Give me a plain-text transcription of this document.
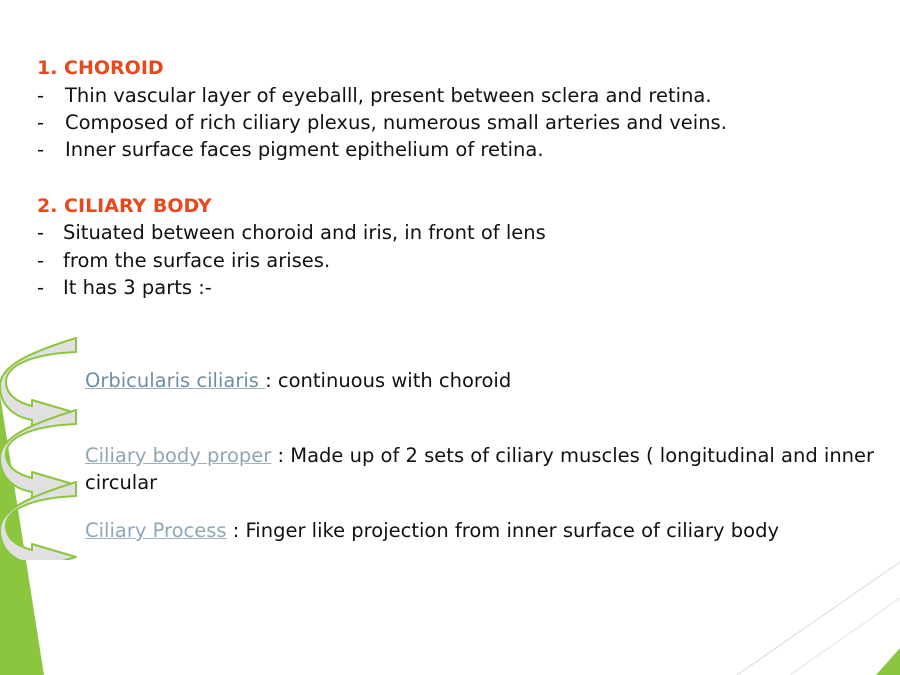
1. CHOROID
- Thin vascular layer of eyeballl, present between sclera and retina.
- Composed of rich ciliary plexus, numerous small arteries and veins.
- Inner surface faces pigment epithelium of retina.
2. CILIARY BODY
- Situated between choroid and iris, in front of lens
- from the surface iris arises.
- It has 3 parts :-
Orbicularis ciliaris : continuous with choroid
Ciliary body proper : Made up of 2 sets of ciliary muscles ( longitudinal and inner
circular
Ciliary Process : Finger like projection from inner surface of ciliary body
